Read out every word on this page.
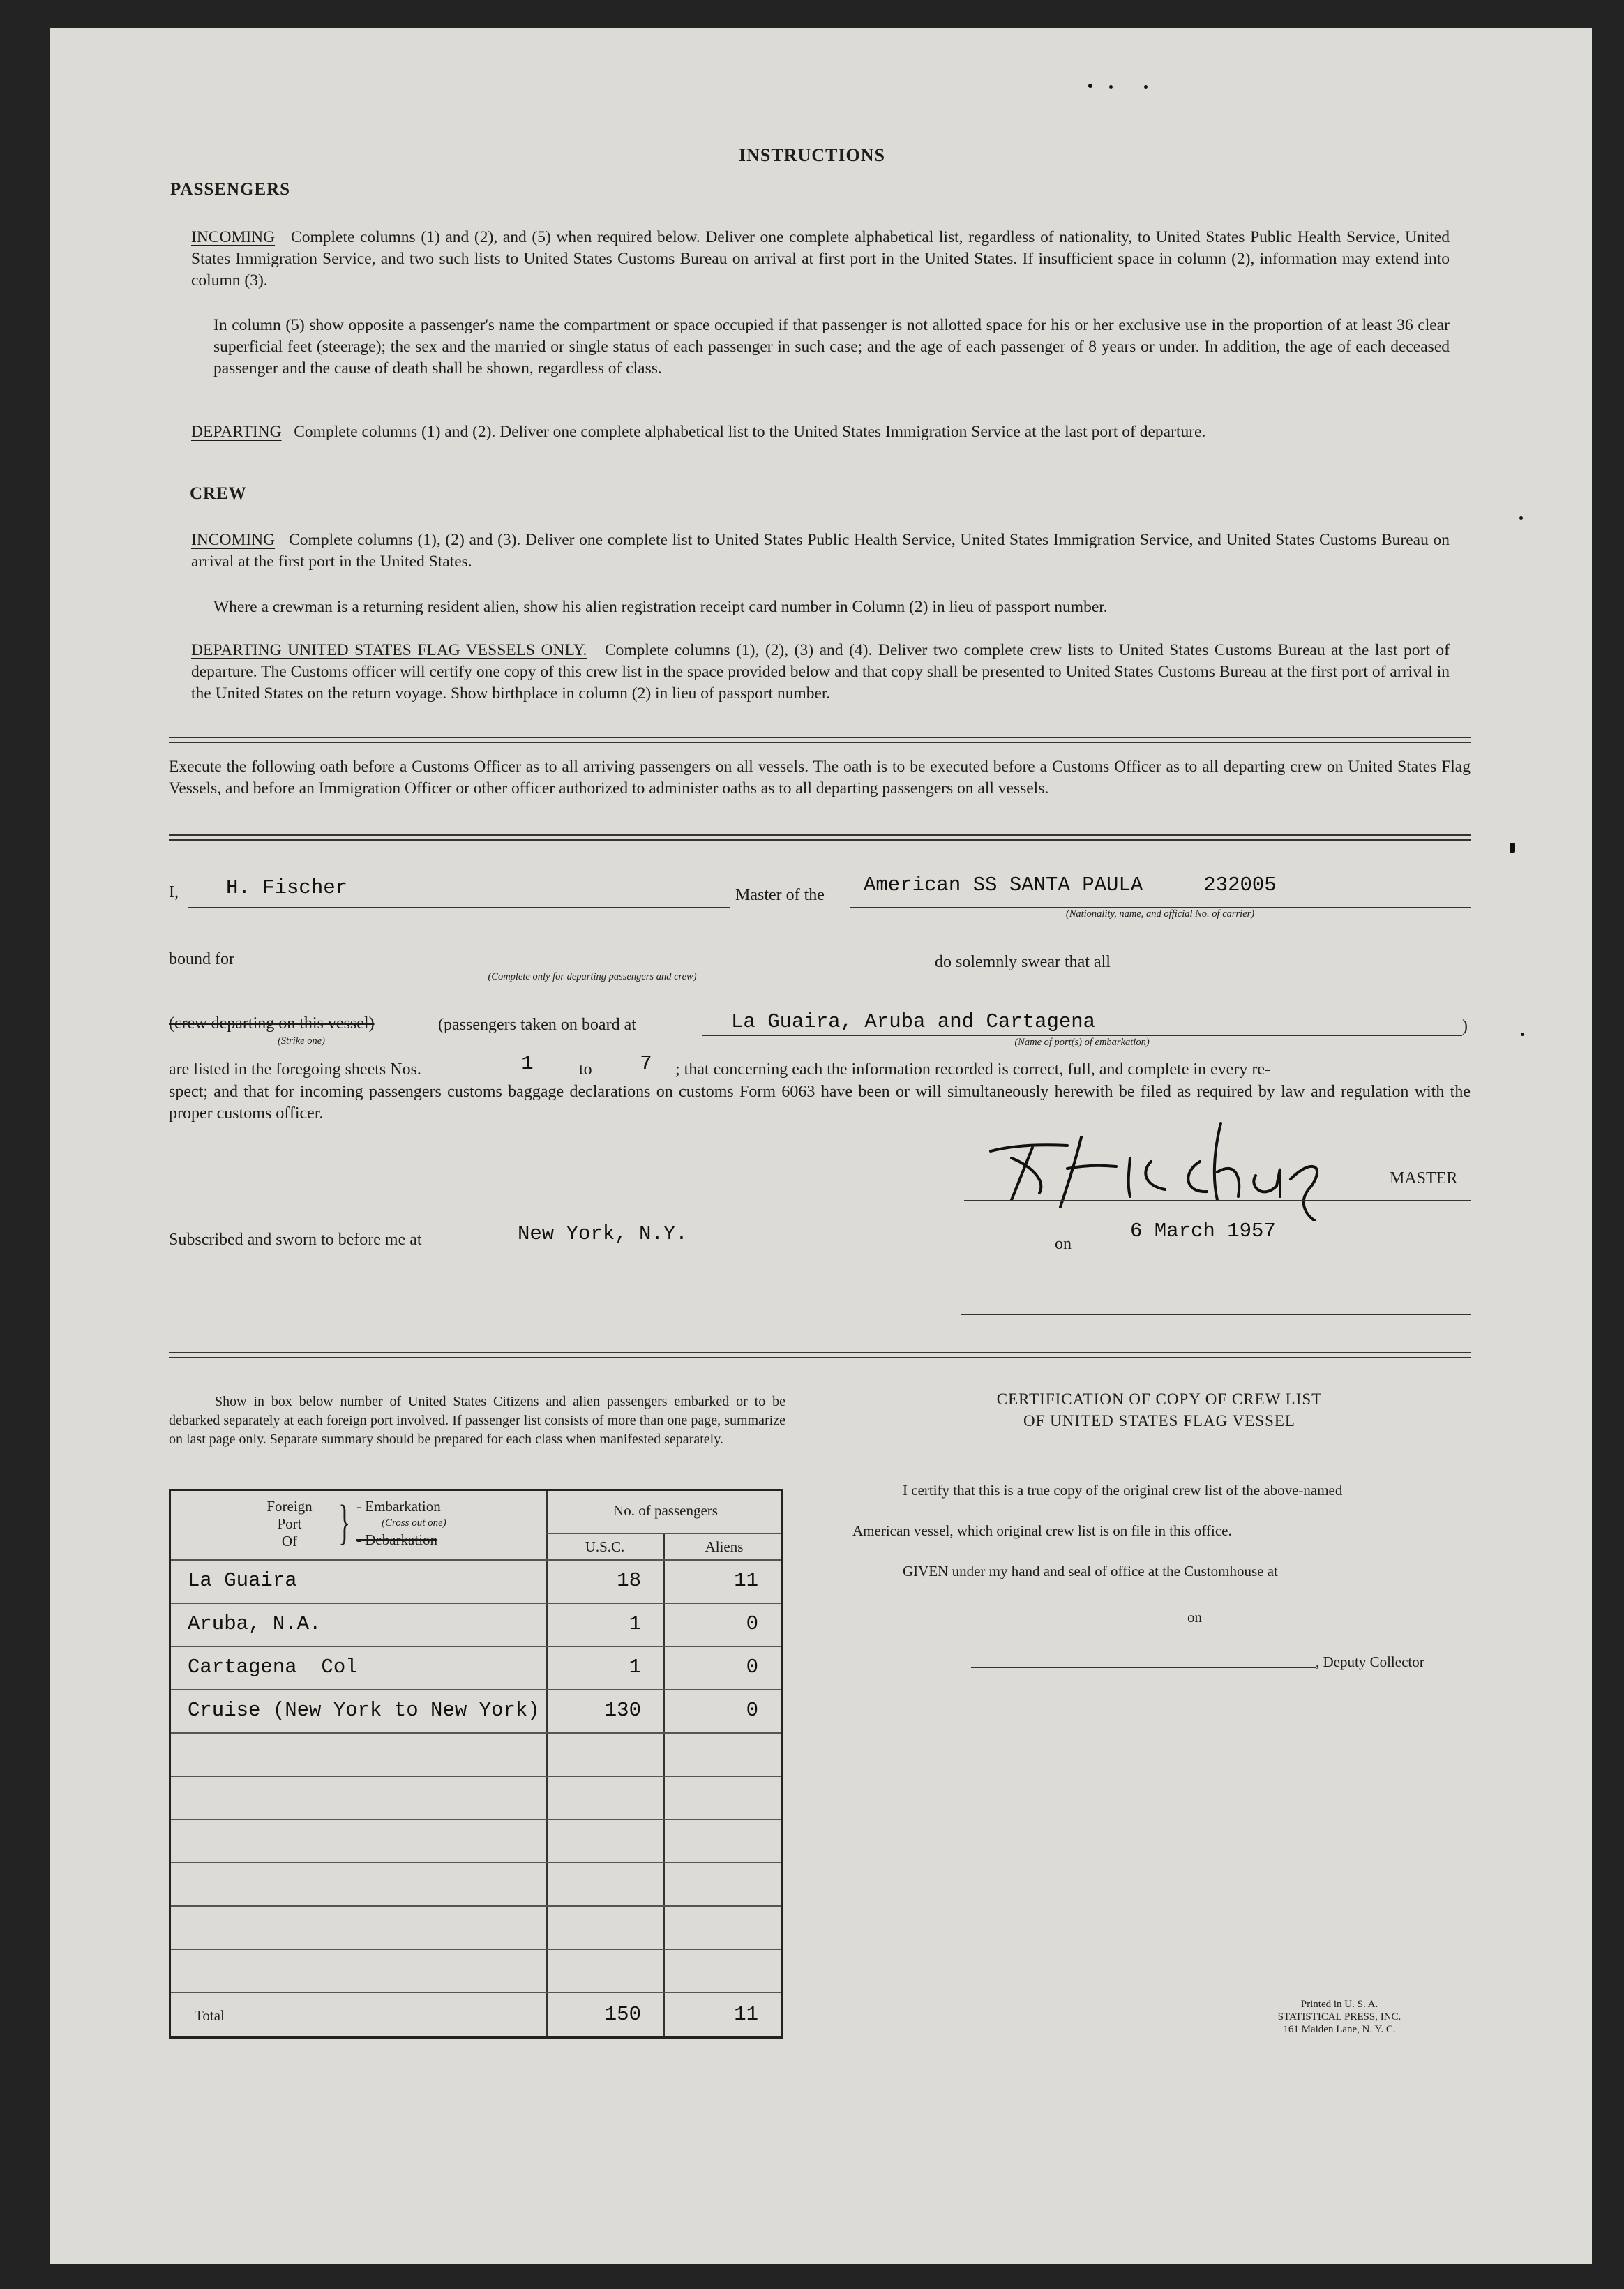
INSTRUCTIONS
PASSENGERS
INCOMING Complete columns (1) and (2), and (5) when required below. Deliver one complete alphabetical list, regardless of nationality, to United States Public Health Service, United States Immigration Service, and two such lists to United States Customs Bureau on arrival at first port in the United States. If insufficient space in column (2), information may extend into column (3).
In column (5) show opposite a passenger's name the compartment or space occupied if that passenger is not allotted space for his or her exclusive use in the proportion of at least 36 clear superficial feet (steerage); the sex and the married or single status of each passenger in such case; and the age of each passenger of 8 years or under. In addition, the age of each deceased passenger and the cause of death shall be shown, regardless of class.
DEPARTING Complete columns (1) and (2). Deliver one complete alphabetical list to the United States Immigration Service at the last port of departure.
CREW
INCOMING Complete columns (1), (2) and (3). Deliver one complete list to United States Public Health Service, United States Immigration Service, and United States Customs Bureau on arrival at the first port in the United States.
Where a crewman is a returning resident alien, show his alien registration receipt card number in Column (2) in lieu of passport number.
DEPARTING UNITED STATES FLAG VESSELS ONLY. Complete columns (1), (2), (3) and (4). Deliver two complete crew lists to United States Customs Bureau at the last port of departure. The Customs officer will certify one copy of this crew list in the space provided below and that copy shall be presented to United States Customs Bureau at the first port of arrival in the United States on the return voyage. Show birthplace in column (2) in lieu of passport number.
Execute the following oath before a Customs Officer as to all arriving passengers on all vessels. The oath is to be executed before a Customs Officer as to all departing crew on United States Flag Vessels, and before an Immigration Officer or other officer authorized to administer oaths as to all departing passengers on all vessels.
I, H. Fischer	Master of the American SS SANTA PAULA     232005
(Nationality, name, and official No. of carrier)
bound for
(Complete only for departing passengers and crew)
do solemnly swear that all
(crew departing on this vessel)
(Strike one)
(passengers taken on board at	La Guaira, Aruba and Cartagena	)
(Name of port(s) of embarkation)
are listed in the foregoing sheets Nos.	1	to	7	; that concerning each the information recorded is correct, full, and complete in every re-
spect; and that for incoming passengers customs baggage declarations on customs Form 6063 have been or will simultaneously herewith be filed as required by law and regulation with the proper customs officer.
MASTER
Subscribed and sworn to before me at	New York, N.Y.	on
6 March 1957
Show in box below number of United States Citizens and alien passengers embarked or to be debarked separately at each foreign port involved. If passenger list consists of more than one page, summarize on last page only. Separate summary should be prepared for each class when manifested separately.
Foreign
Port
Of } - Embarkation
(Cross out one)
- Debarkation
No. of passengers
U.S.C.	Aliens
La Guaira	18	11
Aruba, N.A.	1	0
Cartagena  Col	1	0
Cruise (New York to New York)	130	0
Total	150	11
CERTIFICATION OF COPY OF CREW LIST
OF UNITED STATES FLAG VESSEL
I certify that this is a true copy of the original crew list of the above-named
American vessel, which original crew list is on file in this office.
GIVEN under my hand and seal of office at the Customhouse at
on
, Deputy Collector
Printed in U. S. A.
STATISTICAL PRESS, INC.
161 Maiden Lane, N. Y. C.
